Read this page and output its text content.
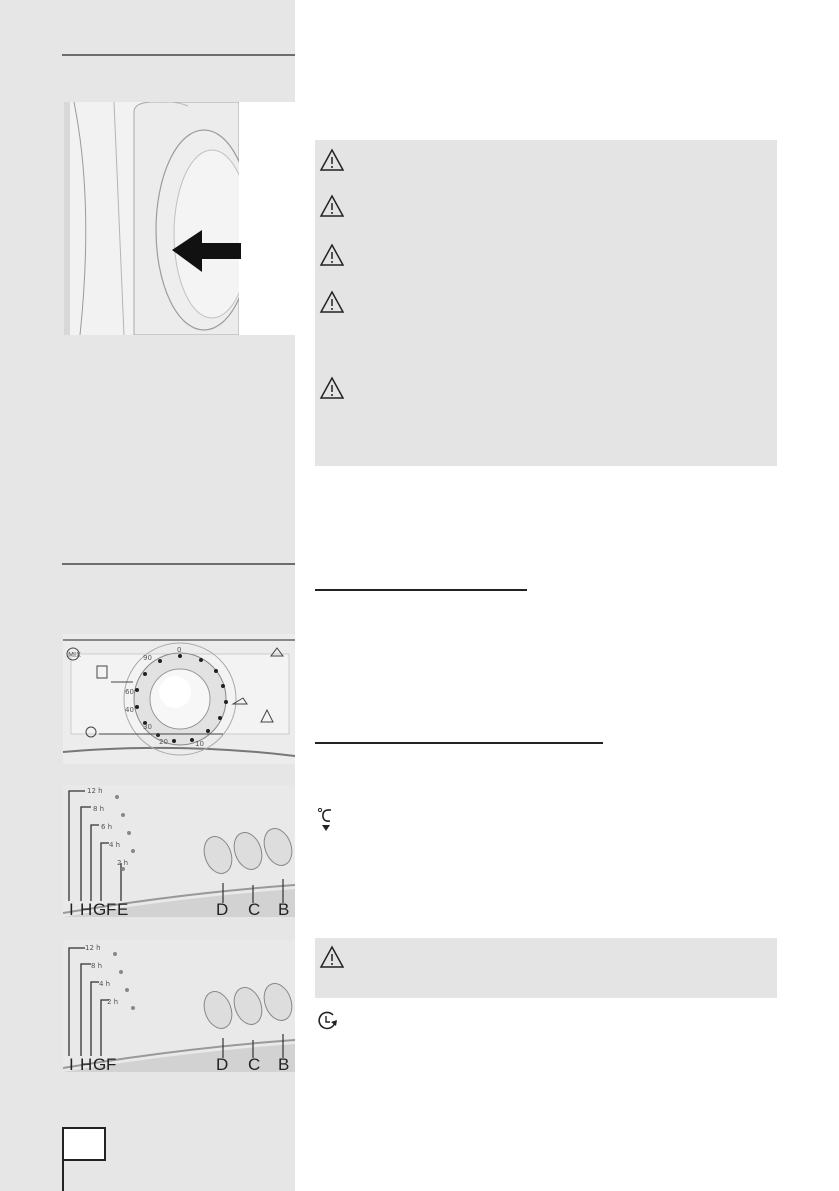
MIX
0
90
60
40
30
20	10
12 h
8 h
6 h
4 h
2 h
I H G F E	D C B
12 h
8 h
4 h
2 h
I H G F	D C B
